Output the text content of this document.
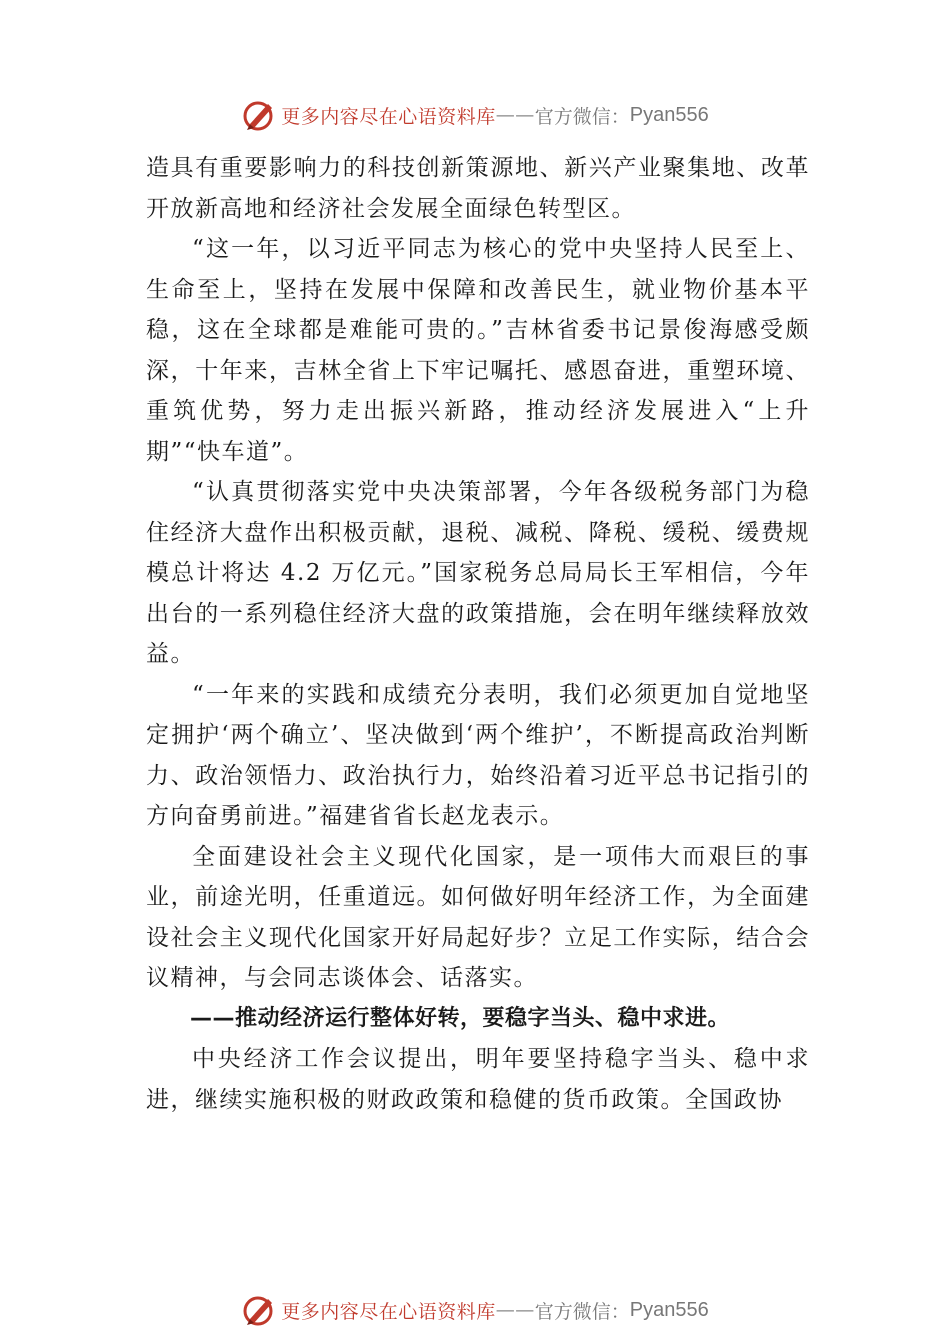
更多内容尽在心语资料库 —— 官方微信： Pyan556

造具有重要影响力的科技创新策源地、新兴产业聚集地、改革开放新高地和经济社会发展全面绿色转型区。

“这一年，以习近平同志为核心的党中央坚持人民至上、生命至上，坚持在发展中保障和改善民生，就业物价基本平稳，这在全球都是难能可贵的。”吉林省委书记景俊海感受颇深，十年来，吉林全省上下牢记嘱托、感恩奋进，重塑环境、重筑优势，努力走出振兴新路，推动经济发展进入“上升期”“快车道”。

“认真贯彻落实党中央决策部署，今年各级税务部门为稳住经济大盘作出积极贡献，退税、减税、降税、缓税、缓费规模总计将达 4.2 万亿元。”国家税务总局局长王军相信，今年出台的一系列稳住经济大盘的政策措施，会在明年继续释放效益。

“一年来的实践和成绩充分表明，我们必须更加自觉地坚定拥护‘两个确立’、坚决做到‘两个维护’，不断提高政治判断力、政治领悟力、政治执行力，始终沿着习近平总书记指引的方向奋勇前进。”福建省省长赵龙表示。

全面建设社会主义现代化国家，是一项伟大而艰巨的事业，前途光明，任重道远。如何做好明年经济工作，为全面建设社会主义现代化国家开好局起好步？立足工作实际，结合会议精神，与会同志谈体会、话落实。

——推动经济运行整体好转，要稳字当头、稳中求进。

中央经济工作会议提出，明年要坚持稳字当头、稳中求进，继续实施积极的财政政策和稳健的货币政策。全国政协

更多内容尽在心语资料库 —— 官方微信： Pyan556
